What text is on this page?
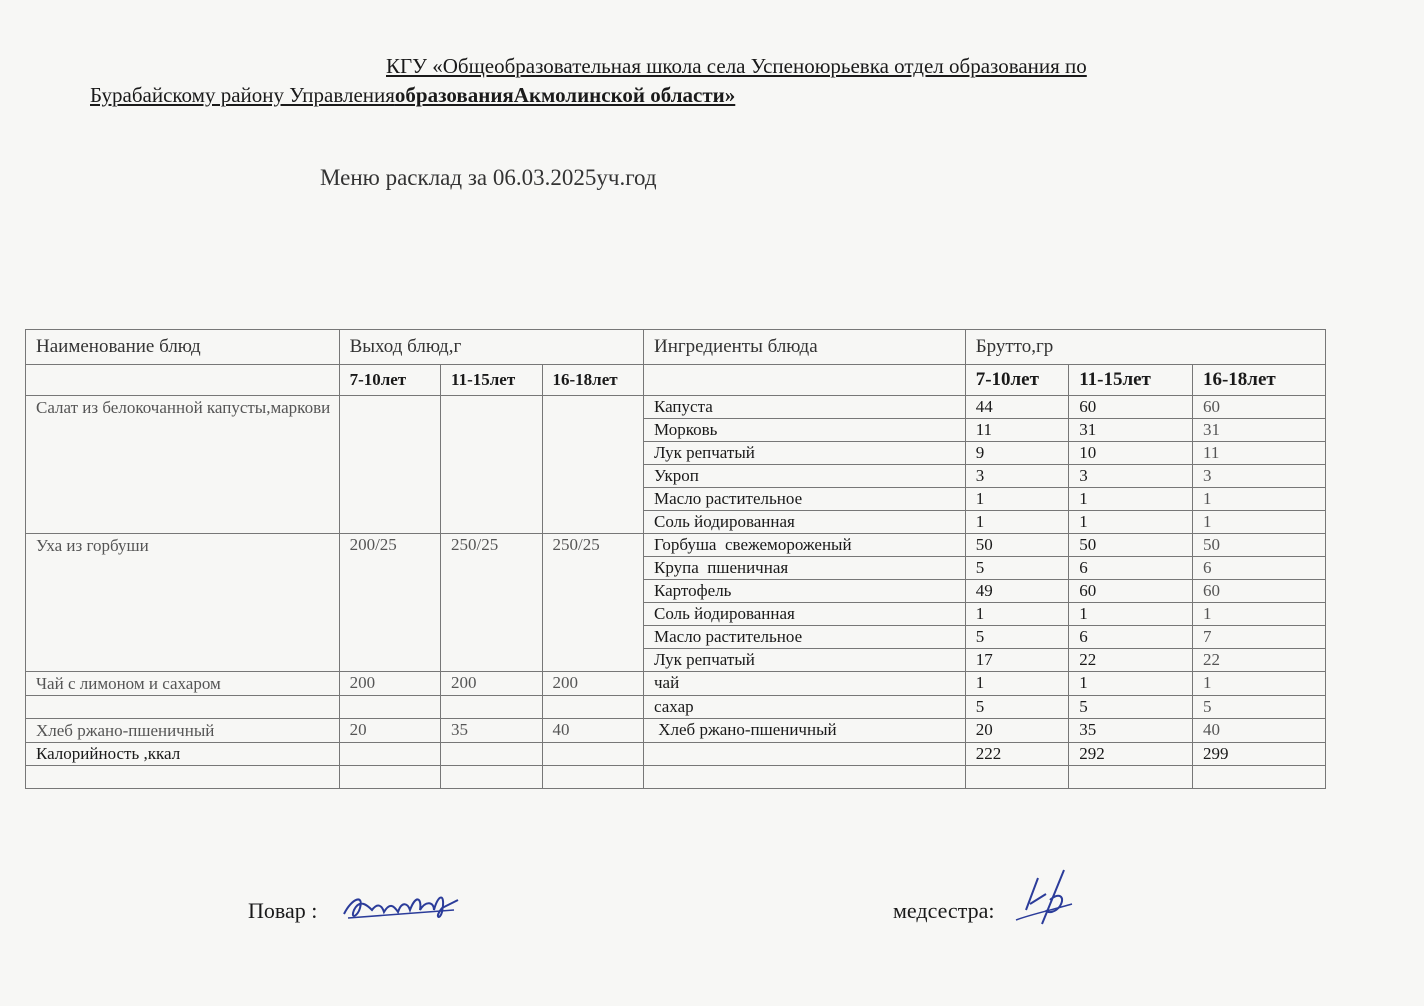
КГУ «Общеобразовательная школа села Успеноюрьевка отдел образования по
Бурабайскому району УправленияобразованияАкмолинской области»
Меню расклад за 06.03.2025уч.год
Наименование блюд	Выход блюд,г			Ингредиенты блюда	Брутто,гр		
	7-10лет	11-15лет	16-18лет		7-10лет	11-15лет	16-18лет
Салат из белокочанной капусты,маркови				Капуста	44	60	60
				Морковь	11	31	31
				Лук репчатый	9	10	11
				Укроп	3	3	3
				Масло растительное	1	1	1
				Соль йодированная	1	1	1
Уха из горбуши	200/25	250/25	250/25	Горбуша  свежемороженый	50	50	50
				Крупа  пшеничная	5	6	6
				Картофель	49	60	60
				Соль йодированная	1	1	1
				Масло растительное	5	6	7
				Лук репчатый	17	22	22
Чай с лимоном и сахаром	200	200	200	чай	1	1	1
				сахар	5	5	5
Хлеб ржано-пшеничный	20	35	40	Хлеб ржано-пшеничный	20	35	40
Калорийность ,ккал					222	292	299

Повар :	медсестра:
